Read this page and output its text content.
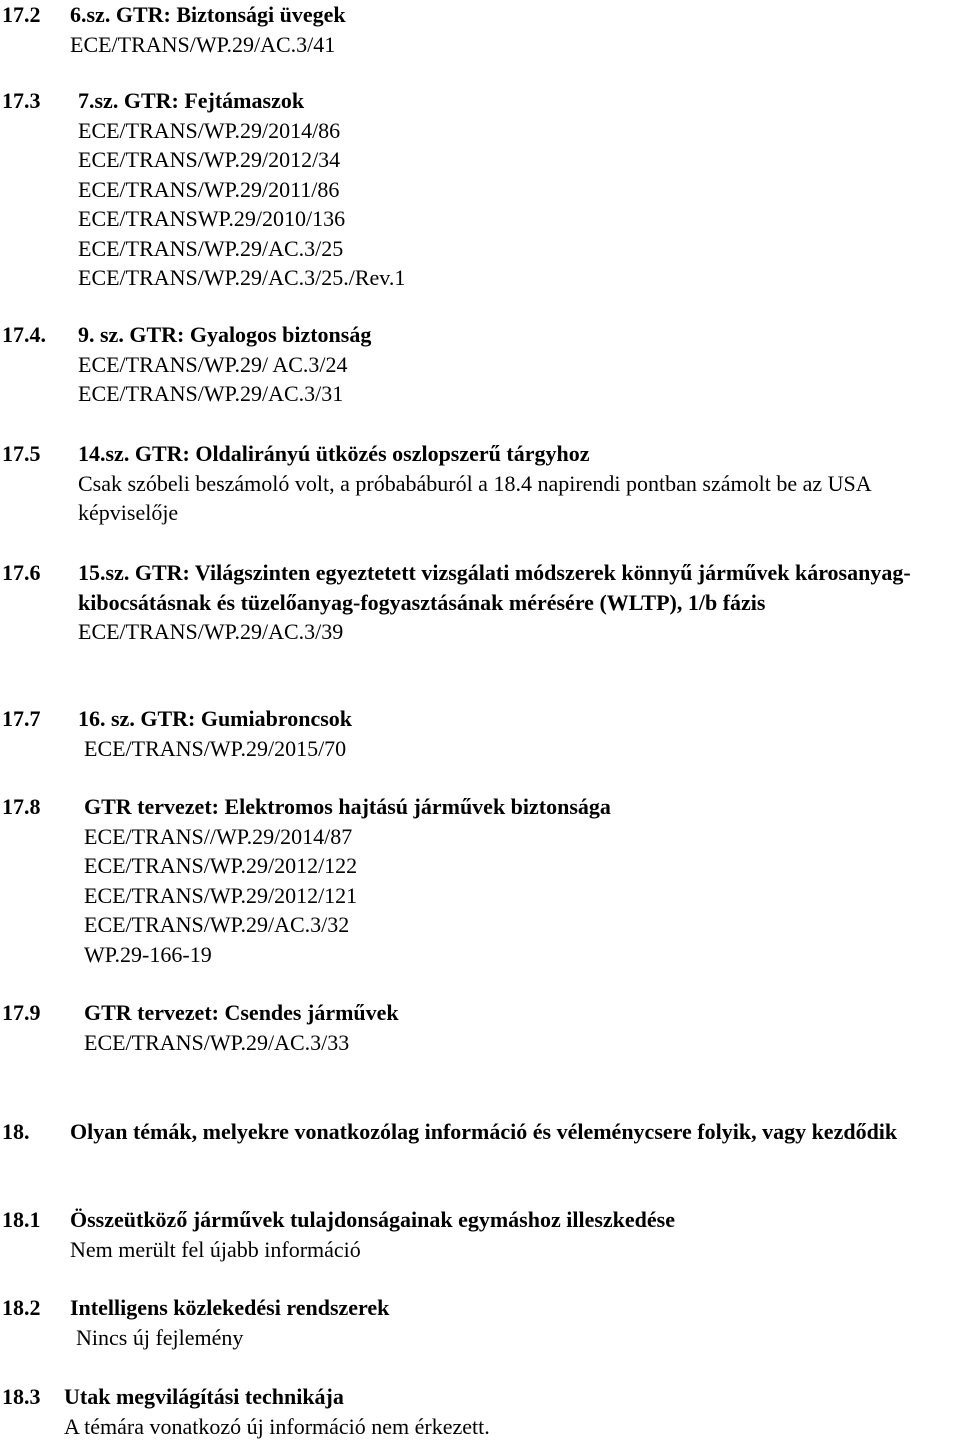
17.2 6.sz. GTR: Biztonsági üvegek
ECE/TRANS/WP.29/AC.3/41
17.3 7.sz. GTR: Fejtámaszok
ECE/TRANS/WP.29/2014/86
ECE/TRANS/WP.29/2012/34
ECE/TRANS/WP.29/2011/86
ECE/TRANSWP.29/2010/136
ECE/TRANS/WP.29/AC.3/25
ECE/TRANS/WP.29/AC.3/25./Rev.1
17.4. 9. sz. GTR: Gyalogos biztonság
ECE/TRANS/WP.29/ AC.3/24
ECE/TRANS/WP.29/AC.3/31
17.5 14.sz. GTR: Oldalirányú ütközés oszlopszerű tárgyhoz
Csak szóbeli beszámoló volt, a próbabáburól a 18.4 napirendi pontban számolt be az USA képviselője
17.6 15.sz. GTR: Világszinten egyeztetett vizsgálati módszerek könnyű járművek károsanyag-kibocsátásnak és tüzelőanyag-fogyasztásának mérésére (WLTP), 1/b fázis
ECE/TRANS/WP.29/AC.3/39
17.7 16. sz. GTR: Gumiabroncsok
ECE/TRANS/WP.29/2015/70
17.8 GTR tervezet: Elektromos hajtású járművek biztonsága
ECE/TRANS//WP.29/2014/87
ECE/TRANS/WP.29/2012/122
ECE/TRANS/WP.29/2012/121
ECE/TRANS/WP.29/AC.3/32
WP.29-166-19
17.9 GTR tervezet: Csendes járművek
ECE/TRANS/WP.29/AC.3/33
18. Olyan témák, melyekre vonatkozólag információ és véleménycsere folyik, vagy kezdődik
18.1 Összeütköző járművek tulajdonságainak egymáshoz illeszkedése
Nem merült fel újabb információ
18.2 Intelligens közlekedési rendszerek
Nincs új fejlemény
18.3 Utak megvilágítási technikája
A témára vonatkozó új információ nem érkezett.
